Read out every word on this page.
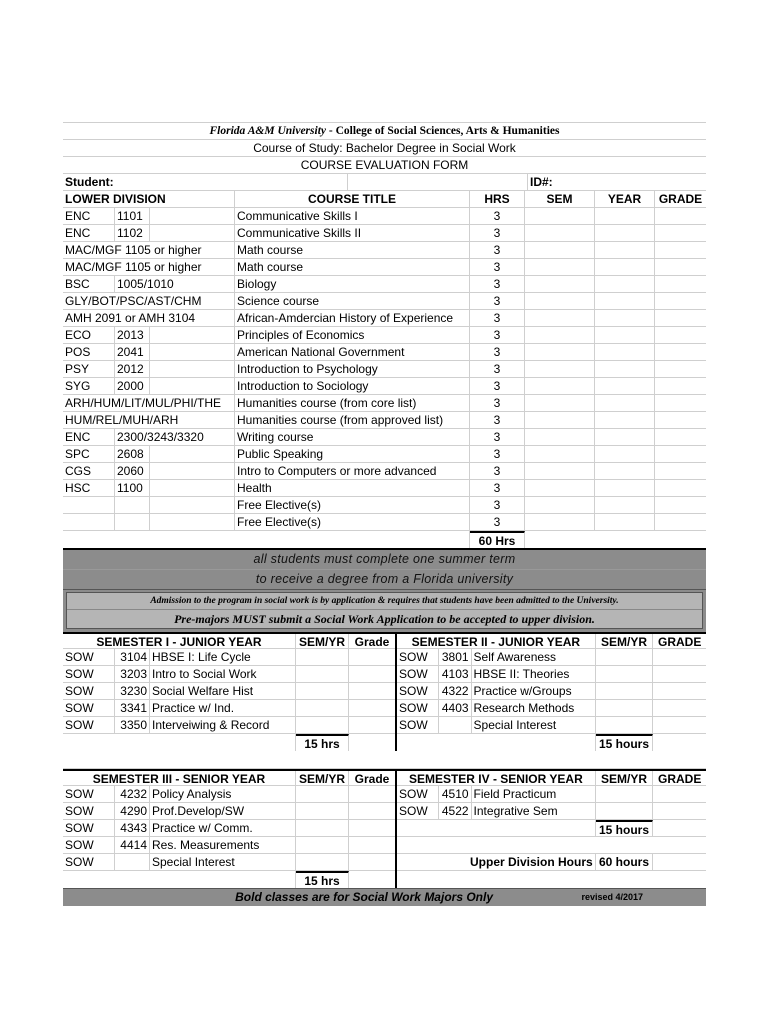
Florida A&M University - College of Social Sciences, Arts & Humanities
Course of Study: Bachelor Degree in Social Work
COURSE EVALUATION FORM
Student:	ID#:
LOWER DIVISION	COURSE TITLE	HRS	SEM	YEAR	GRADE
ENC	1101	Communicative Skills I	3
ENC	1102	Communicative Skills II	3
MAC/MGF 1105 or higher	Math course	3
MAC/MGF 1105 or higher	Math course	3
BSC	1005/1010	Biology	3
GLY/BOT/PSC/AST/CHM	Science course	3
AMH 2091 or AMH 3104	African-Amdercian History of Experience	3
ECO	2013	Principles of Economics	3
POS	2041	American National Government	3
PSY	2012	Introduction to Psychology	3
SYG	2000	Introduction to Sociology	3
ARH/HUM/LIT/MUL/PHI/THE	Humanities course (from core list)	3
HUM/REL/MUH/ARH	Humanities course (from approved list)	3
ENC	2300/3243/3320	Writing course	3
SPC	2608	Public Speaking	3
CGS	2060	Intro to Computers or more advanced	3
HSC	1100	Health	3
Free Elective(s)	3
Free Elective(s)	3
60 Hrs
all students must complete one summer term
to receive a degree from a Florida university
Admission to the program in social work is by application & requires that students have been admitted to the University.
Pre-majors MUST submit a Social Work Application to be accepted to upper division.
SEMESTER I - JUNIOR YEAR	SEM/YR Grade
SOW	3104 HBSE I: Life Cycle
SOW	3203 Intro to Social Work
SOW	3230 Social Welfare Hist
SOW	3341 Practice w/ Ind.
SOW	3350 Interveiwing & Record
15 hrs
SEMESTER II - JUNIOR YEAR	SEM/YR GRADE
SOW	3801 Self Awareness
SOW	4103 HBSE II: Theories
SOW	4322 Practice w/Groups
SOW	4403 Research Methods
SOW	Special Interest
15 hours
SEMESTER III - SENIOR YEAR	SEM/YR Grade
SOW	4232 Policy Analysis
SOW	4290 Prof.Develop/SW
SOW	4343 Practice w/ Comm.
SOW	4414 Res. Measurements
SOW	Special Interest
15 hrs
SEMESTER IV - SENIOR YEAR	SEM/YR GRADE
SOW	4510 Field Practicum
SOW	4522 Integrative Sem
15 hours
Upper Division Hours 60 hours
Bold classes are for Social Work Majors Only	revised 4/2017
